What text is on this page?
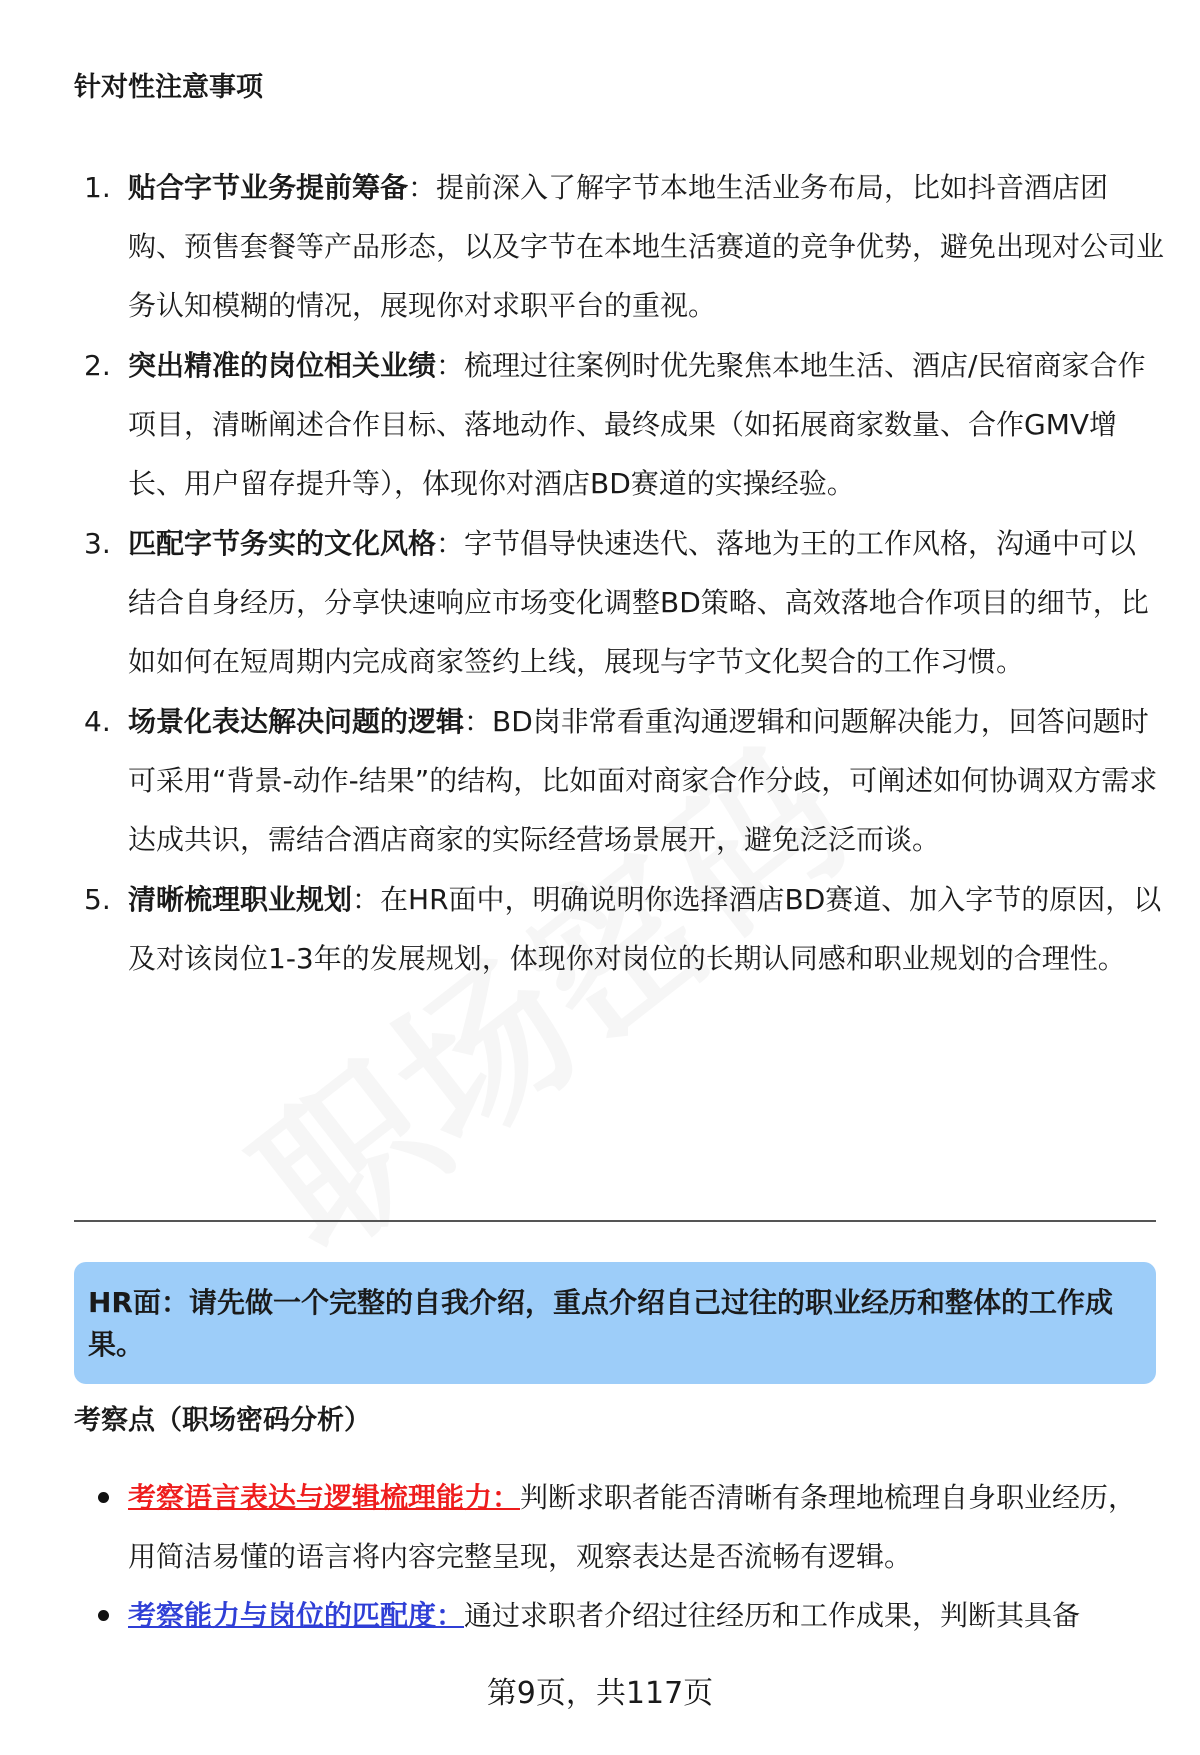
针对性注意事项
1. 贴合字节业务提前筹备：提前深入了解字节本地生活业务布局，比如抖音酒店团购、预售套餐等产品形态，以及字节在本地生活赛道的竞争优势，避免出现对公司业务认知模糊的情况，展现你对求职平台的重视。
2. 突出精准的岗位相关业绩：梳理过往案例时优先聚焦本地生活、酒店/民宿商家合作项目，清晰阐述合作目标、落地动作、最终成果（如拓展商家数量、合作GMV增长、用户留存提升等），体现你对酒店BD赛道的实操经验。
3. 匹配字节务实的文化风格：字节倡导快速迭代、落地为王的工作风格，沟通中可以结合自身经历，分享快速响应市场变化调整BD策略、高效落地合作项目的细节，比如如何在短周期内完成商家签约上线，展现与字节文化契合的工作习惯。
4. 场景化表达解决问题的逻辑：BD岗非常看重沟通逻辑和问题解决能力，回答问题时可采用“背景-动作-结果”的结构，比如面对商家合作分歧，可阐述如何协调双方需求达成共识，需结合酒店商家的实际经营场景展开，避免泛泛而谈。
5. 清晰梳理职业规划：在HR面中，明确说明你选择酒店BD赛道、加入字节的原因，以及对该岗位1-3年的发展规划，体现你对岗位的长期认同感和职业规划的合理性。
HR面：请先做一个完整的自我介绍，重点介绍自己过往的职业经历和整体的工作成果。
考察点（职场密码分析）
考察语言表达与逻辑梳理能力：判断求职者能否清晰有条理地梳理自身职业经历，用简洁易懂的语言将内容完整呈现，观察表达是否流畅有逻辑。
考察能力与岗位的匹配度：通过求职者介绍过往经历和工作成果，判断其具备
第9页，共117页
